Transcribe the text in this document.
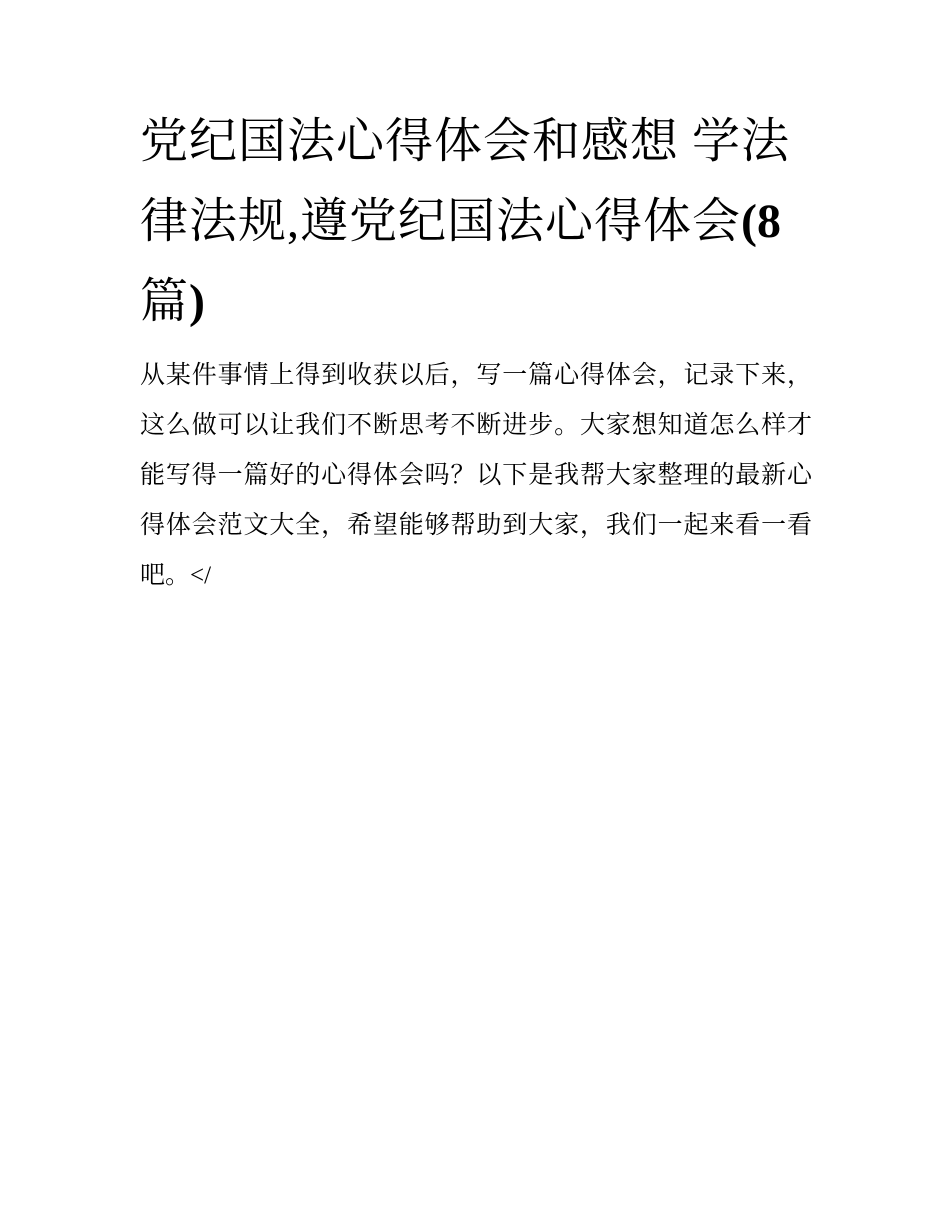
党纪国法心得体会和感想 学法律法规,遵党纪国法心得体会(8篇)

从某件事情上得到收获以后，写一篇心得体会，记录下来，这么做可以让我们不断思考不断进步。大家想知道怎么样才能写得一篇好的心得体会吗？以下是我帮大家整理的最新心得体会范文大全，希望能够帮助到大家，我们一起来看一看吧。</
